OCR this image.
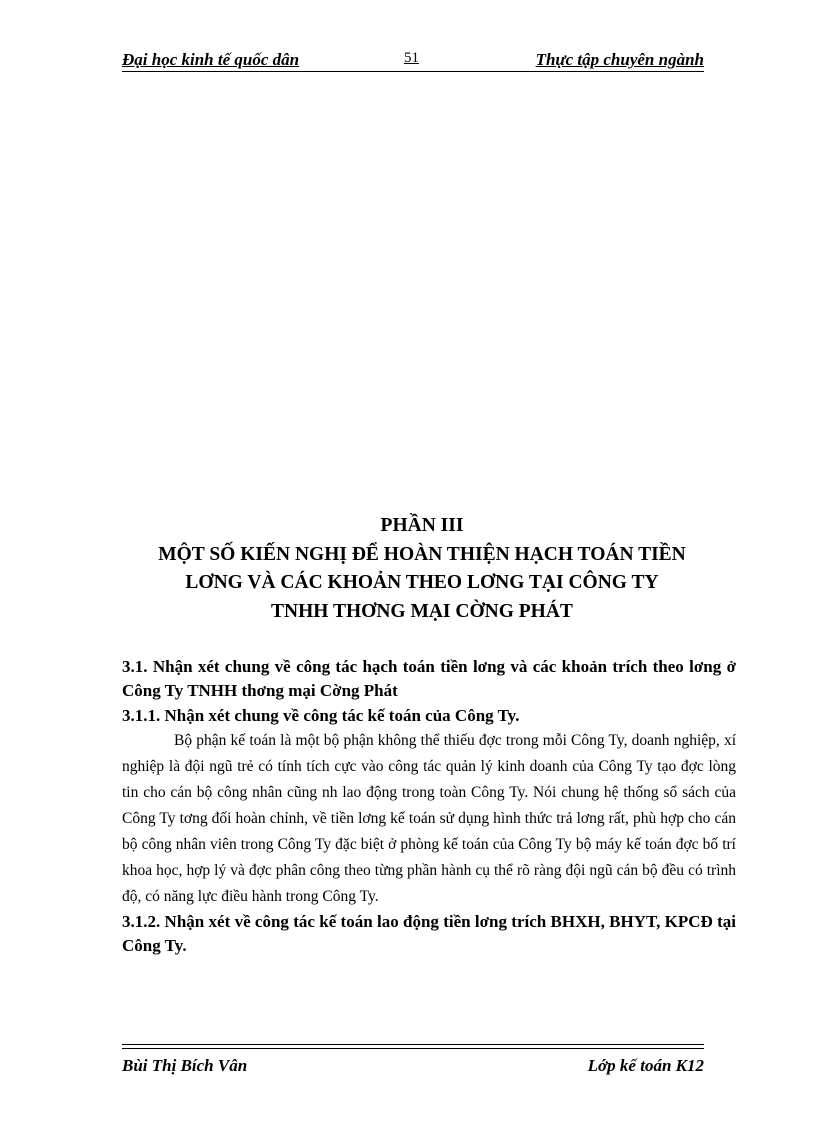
Đại học kinh tế quốc dân	51	Thực tập chuyên ngành
PHẦN III
MỘT SỐ KIẾN NGHỊ ĐỂ HOÀN THIỆN HẠCH TOÁN TIỀN
LƠNG VÀ CÁC KHOẢN THEO LƠNG TẠI CÔNG TY
TNHH THƠNG MẠI CỜNG PHÁT

3.1. Nhận xét chung về công tác hạch toán tiền lơng và các khoản trích theo lơng ở Công Ty TNHH thơng mại Cờng Phát

3.1.1. Nhận xét chung về công tác kế toán của Công Ty.

Bộ phận kế toán là một bộ phận không thể thiếu đợc trong mỗi Công Ty, doanh nghiệp, xí nghiệp là đội ngũ trẻ có tính tích cực vào công tác quản lý kinh doanh của Công Ty tạo đợc lòng tin cho cán bộ công nhân cũng nh lao động trong toàn Công Ty. Nói chung hệ thống sổ sách của Công Ty tơng đối hoàn chỉnh, về tiền lơng kế toán sử dụng hình thức trả lơng rất, phù hợp cho cán bộ công nhân viên trong Công Ty đặc biệt ở phòng kế toán của Công Ty bộ máy kế toán đợc bố trí khoa học, hợp lý và đợc phân công theo từng phần hành cụ thể rõ ràng đội ngũ cán bộ đều có trình độ, có năng lực điều hành trong Công Ty.

3.1.2. Nhận xét về công tác kế toán lao động tiền lơng trích BHXH, BHYT, KPCĐ tại Công Ty.

Bùi Thị Bích Vân	Lớp kế toán K12
